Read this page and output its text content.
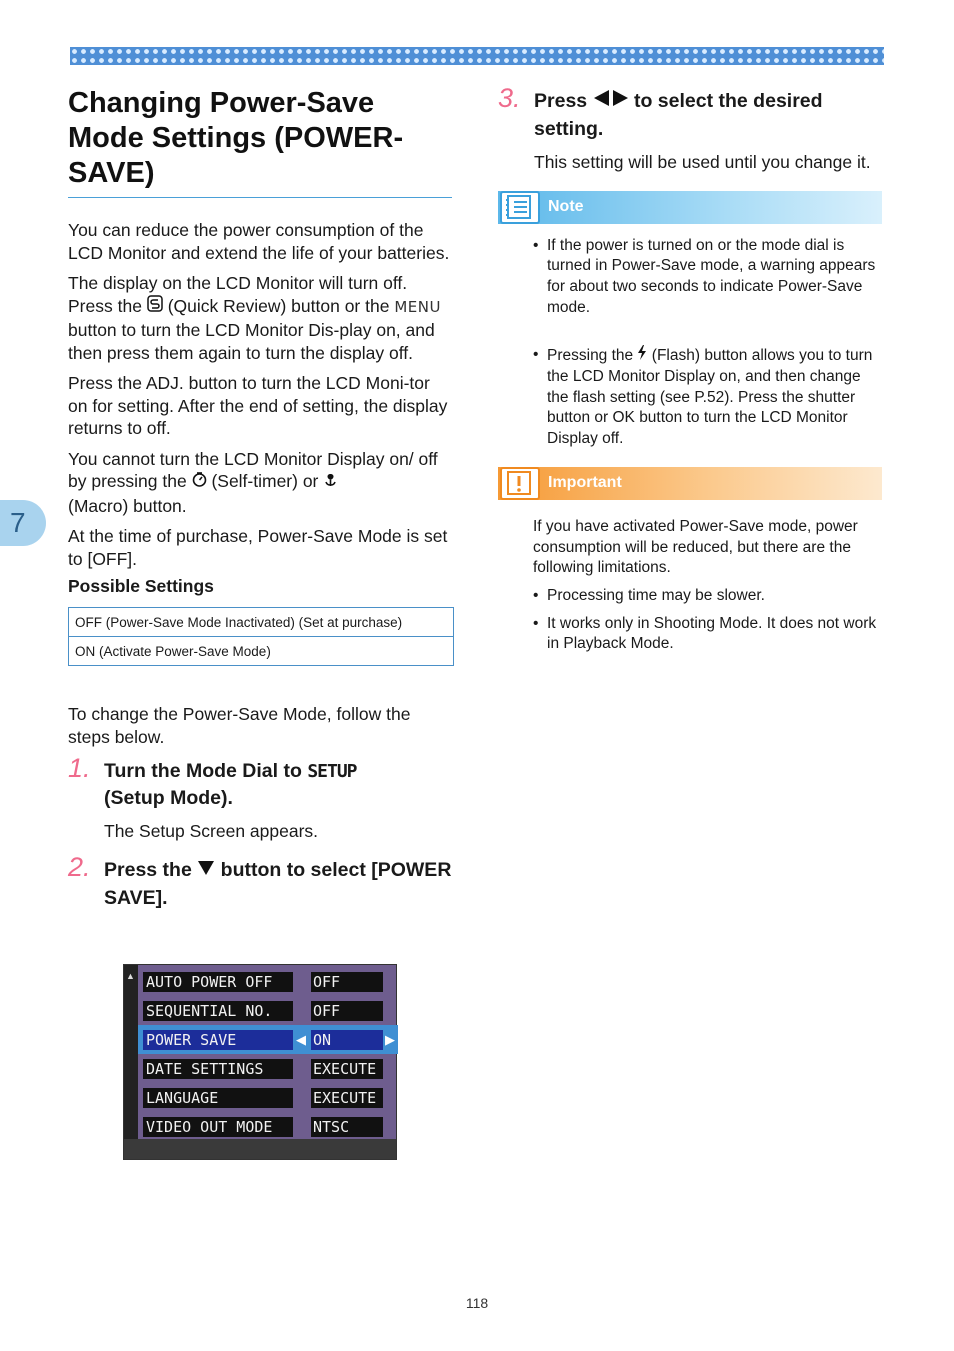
7
Changing Power-Save Mode Settings (POWER-SAVE)

You can reduce the power consumption of the LCD Monitor and extend the life of your batteries.

The display on the LCD Monitor will turn off. Press the (Quick Review) button or the MENU button to turn the LCD Monitor Dis-play on, and then press them again to turn the display off.

Press the ADJ. button to turn the LCD Moni-tor on for setting. After the end of setting, the display returns to off.

You cannot turn the LCD Monitor Display on/ off by pressing the (Self-timer) or
(Macro) button.

At the time of purchase, Power-Save Mode is set to [OFF].

Possible Settings
OFF (Power-Save Mode Inactivated) (Set at purchase)
ON (Activate Power-Save Mode)

To change the Power-Save Mode, follow the steps below.

1. Turn the Mode Dial to SETUP
(Setup Mode).

The Setup Screen appears.

2. Press the button to select [POWER SAVE].
▲ AUTO POWER OFF	OFF
SEQUENTIAL NO.	OFF
POWER SAVE	◀ ON	▶
DATE SETTINGS	EXECUTE
LANGUAGE	EXECUTE
VIDEO OUT MODE	NTSC
3. Press to select the desired setting.

This setting will be used until you change it.

Note
• If the power is turned on or the mode dial is turned in Power-Save mode, a warning appears for about two seconds to indicate Power-Save mode.
• Pressing the (Flash) button allows you to turn the LCD Monitor Display on, and then change the flash setting (see P.52). Press the shutter button or OK button to turn the LCD Monitor Display off.
Important

If you have activated Power-Save mode, power consumption will be reduced, but there are the following limitations.

• Processing time may be slower.
• It works only in Shooting Mode. It does not work in Playback Mode.
118
